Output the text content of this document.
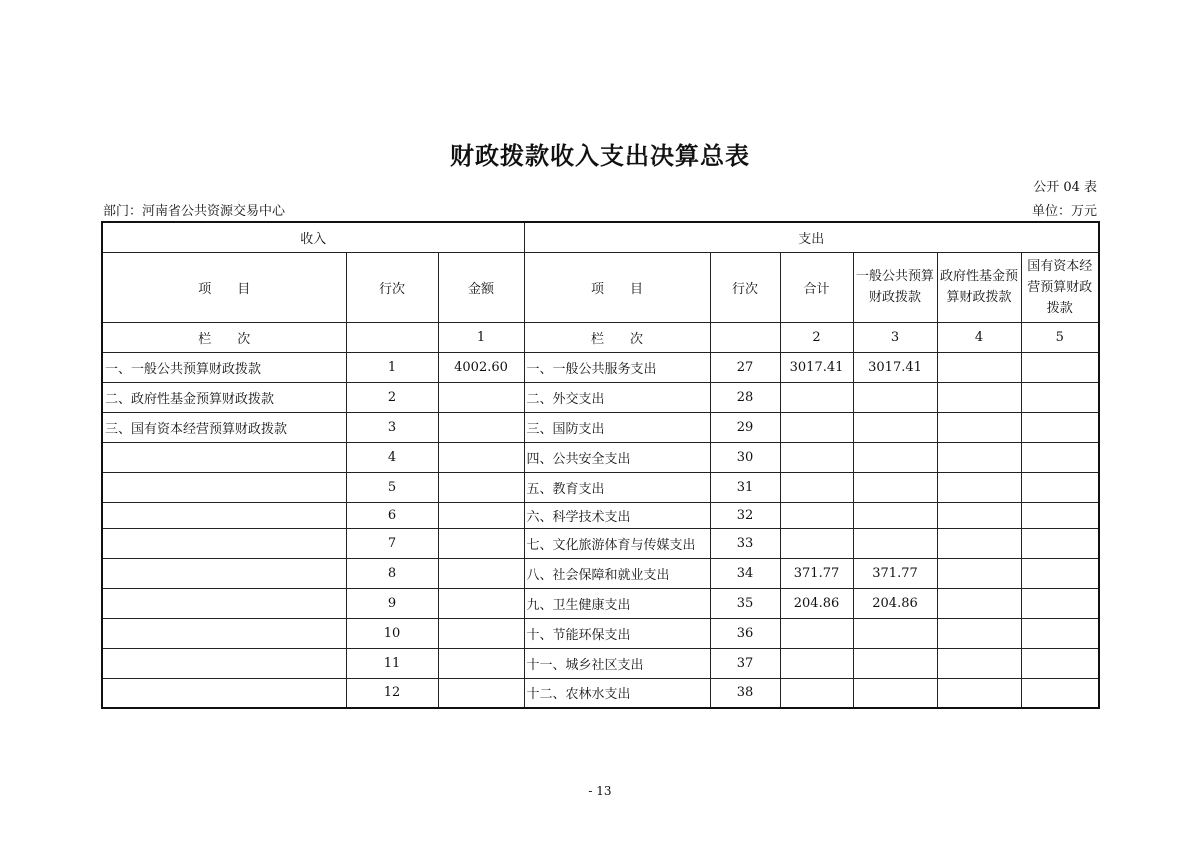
财政拨款收入支出决算总表
公开 04 表
部门：河南省公共资源交易中心	单位：万元
收入			支出					
项　　目	行次	金额	项　　目	行次	合计	一般公共预算财政拨款	政府性基金预算财政拨款	国有资本经营预算财政拨款
栏　　次		1	栏　　次		2	3	4	5
一、一般公共预算财政拨款	1	4002.60	一、一般公共服务支出	27	3017.41	3017.41		
二、政府性基金预算财政拨款	2		二、外交支出	28				
三、国有资本经营预算财政拨款	3		三、国防支出	29				
	4		四、公共安全支出	30				
	5		五、教育支出	31				
	6		六、科学技术支出	32				
	7		七、文化旅游体育与传媒支出	33				
	8		八、社会保障和就业支出	34	371.77	371.77		
	9		九、卫生健康支出	35	204.86	204.86		
	10		十、节能环保支出	36				
	11		十一、城乡社区支出	37				
	12		十二、农林水支出	38				
- 13
